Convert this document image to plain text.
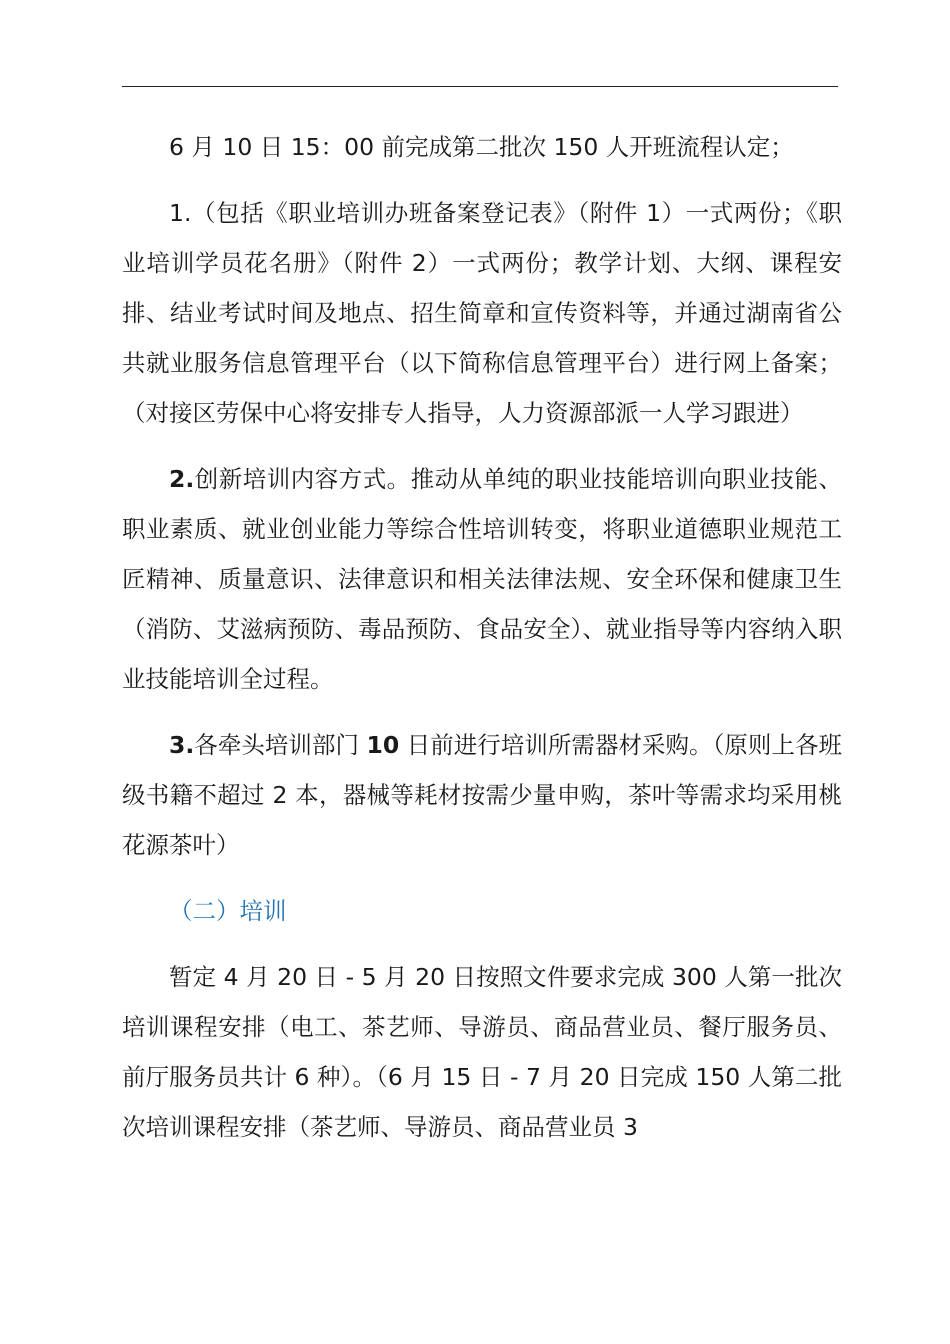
6 月 10 日 15：00 前完成第二批次 150 人开班流程认定；

1.（包括《职业培训办班备案登记表》（附件 1）一式两份；《职业培训学员花名册》（附件 2）一式两份；教学计划、大纲、课程安排、结业考试时间及地点、招生简章和宣传资料等，并通过湖南省公共就业服务信息管理平台（以下简称信息管理平台）进行网上备案；（对接区劳保中心将安排专人指导，人力资源部派一人学习跟进）

2.创新培训内容方式。推动从单纯的职业技能培训向职业技能、职业素质、就业创业能力等综合性培训转变，将职业道德职业规范工匠精神、质量意识、法律意识和相关法律法规、安全环保和健康卫生（消防、艾滋病预防、毒品预防、食品安全）、就业指导等内容纳入职业技能培训全过程。

3.各牵头培训部门 10 日前进行培训所需器材采购。（原则上各班级书籍不超过 2 本，器械等耗材按需少量申购，茶叶等需求均采用桃花源茶叶）

（二）培训

暂定 4 月 20 日 - 5 月 20 日按照文件要求完成 300 人第一批次培训课程安排（电工、茶艺师、导游员、商品营业员、餐厅服务员、前厅服务员共计 6 种）。（6 月 15 日 - 7 月 20 日完成 150 人第二批次培训课程安排（茶艺师、导游员、商品营业员 3
